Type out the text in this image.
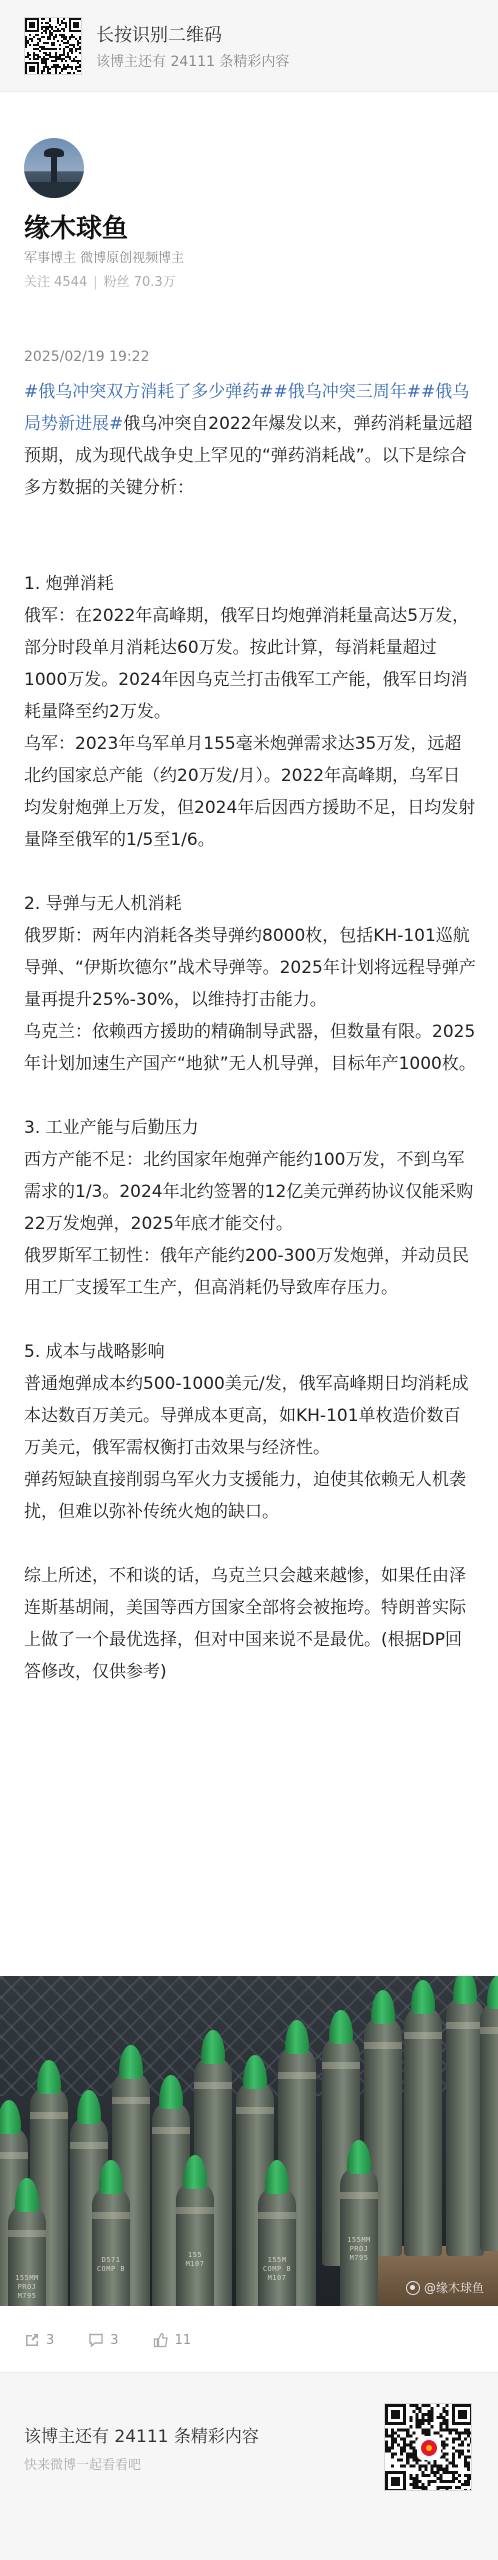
长按识别二维码
该博主还有 24111 条精彩内容
缘木球鱼
军事博主 微博原创视频博主
关注 4544 | 粉丝 70.3万
2025/02/19 19:22
#俄乌冲突双方消耗了多少弹药##俄乌冲突三周年##俄乌局势新进展#俄乌冲突自2022年爆发以来，弹药消耗量远超预期，成为现代战争史上罕见的“弹药消耗战”。以下是综合多方数据的关键分析：
1. 炮弹消耗
俄军：在2022年高峰期，俄军日均炮弹消耗量高达5万发，部分时段单月消耗达60万发。按此计算，每消耗量超过1000万发。2024年因乌克兰打击俄军工产能，俄军日均消耗量降至约2万发。
乌军：2023年乌军单月155毫米炮弹需求达35万发，远超北约国家总产能（约20万发/月）。2022年高峰期，乌军日均发射炮弹上万发，但2024年后因西方援助不足，日均发射量降至俄军的1/5至1/6。
2. 导弹与无人机消耗
俄罗斯：两年内消耗各类导弹约8000枚，包括KH-101巡航导弹、“伊斯坎德尔”战术导弹等。2025年计划将远程导弹产量再提升25%-30%，以维持打击能力。
乌克兰：依赖西方援助的精确制导武器，但数量有限。2025年计划加速生产国产“地狱”无人机导弹，目标年产1000枚。
3. 工业产能与后勤压力
西方产能不足：北约国家年炮弹产能约100万发，不到乌军需求的1/3。2024年北约签署的12亿美元弹药协议仅能采购22万发炮弹，2025年底才能交付。
俄罗斯军工韧性：俄年产能约200-300万发炮弹，并动员民用工厂支援军工生产，但高消耗仍导致库存压力。
5. 成本与战略影响
普通炮弹成本约500-1000美元/发，俄军高峰期日均消耗成本达数百万美元。导弹成本更高，如KH-101单枚造价数百万美元，俄军需权衡打击效果与经济性。
弹药短缺直接削弱乌军火力支援能力，迫使其依赖无人机袭扰，但难以弥补传统火炮的缺口。
综上所述，不和谈的话，乌克兰只会越来越惨，如果任由泽连斯基胡闹，美国等西方国家全部将会被拖垮。特朗普实际上做了一个最优选择，但对中国来说不是最优。(根据DP回答修改，仅供参考)
155MM
PROJ
M795
D571
COMP B
155
M107	155M
COMP B
M107
155MM
PROJ
M795
@缘木球鱼
3	3	11
该博主还有 24111 条精彩内容
快来微博一起看看吧
